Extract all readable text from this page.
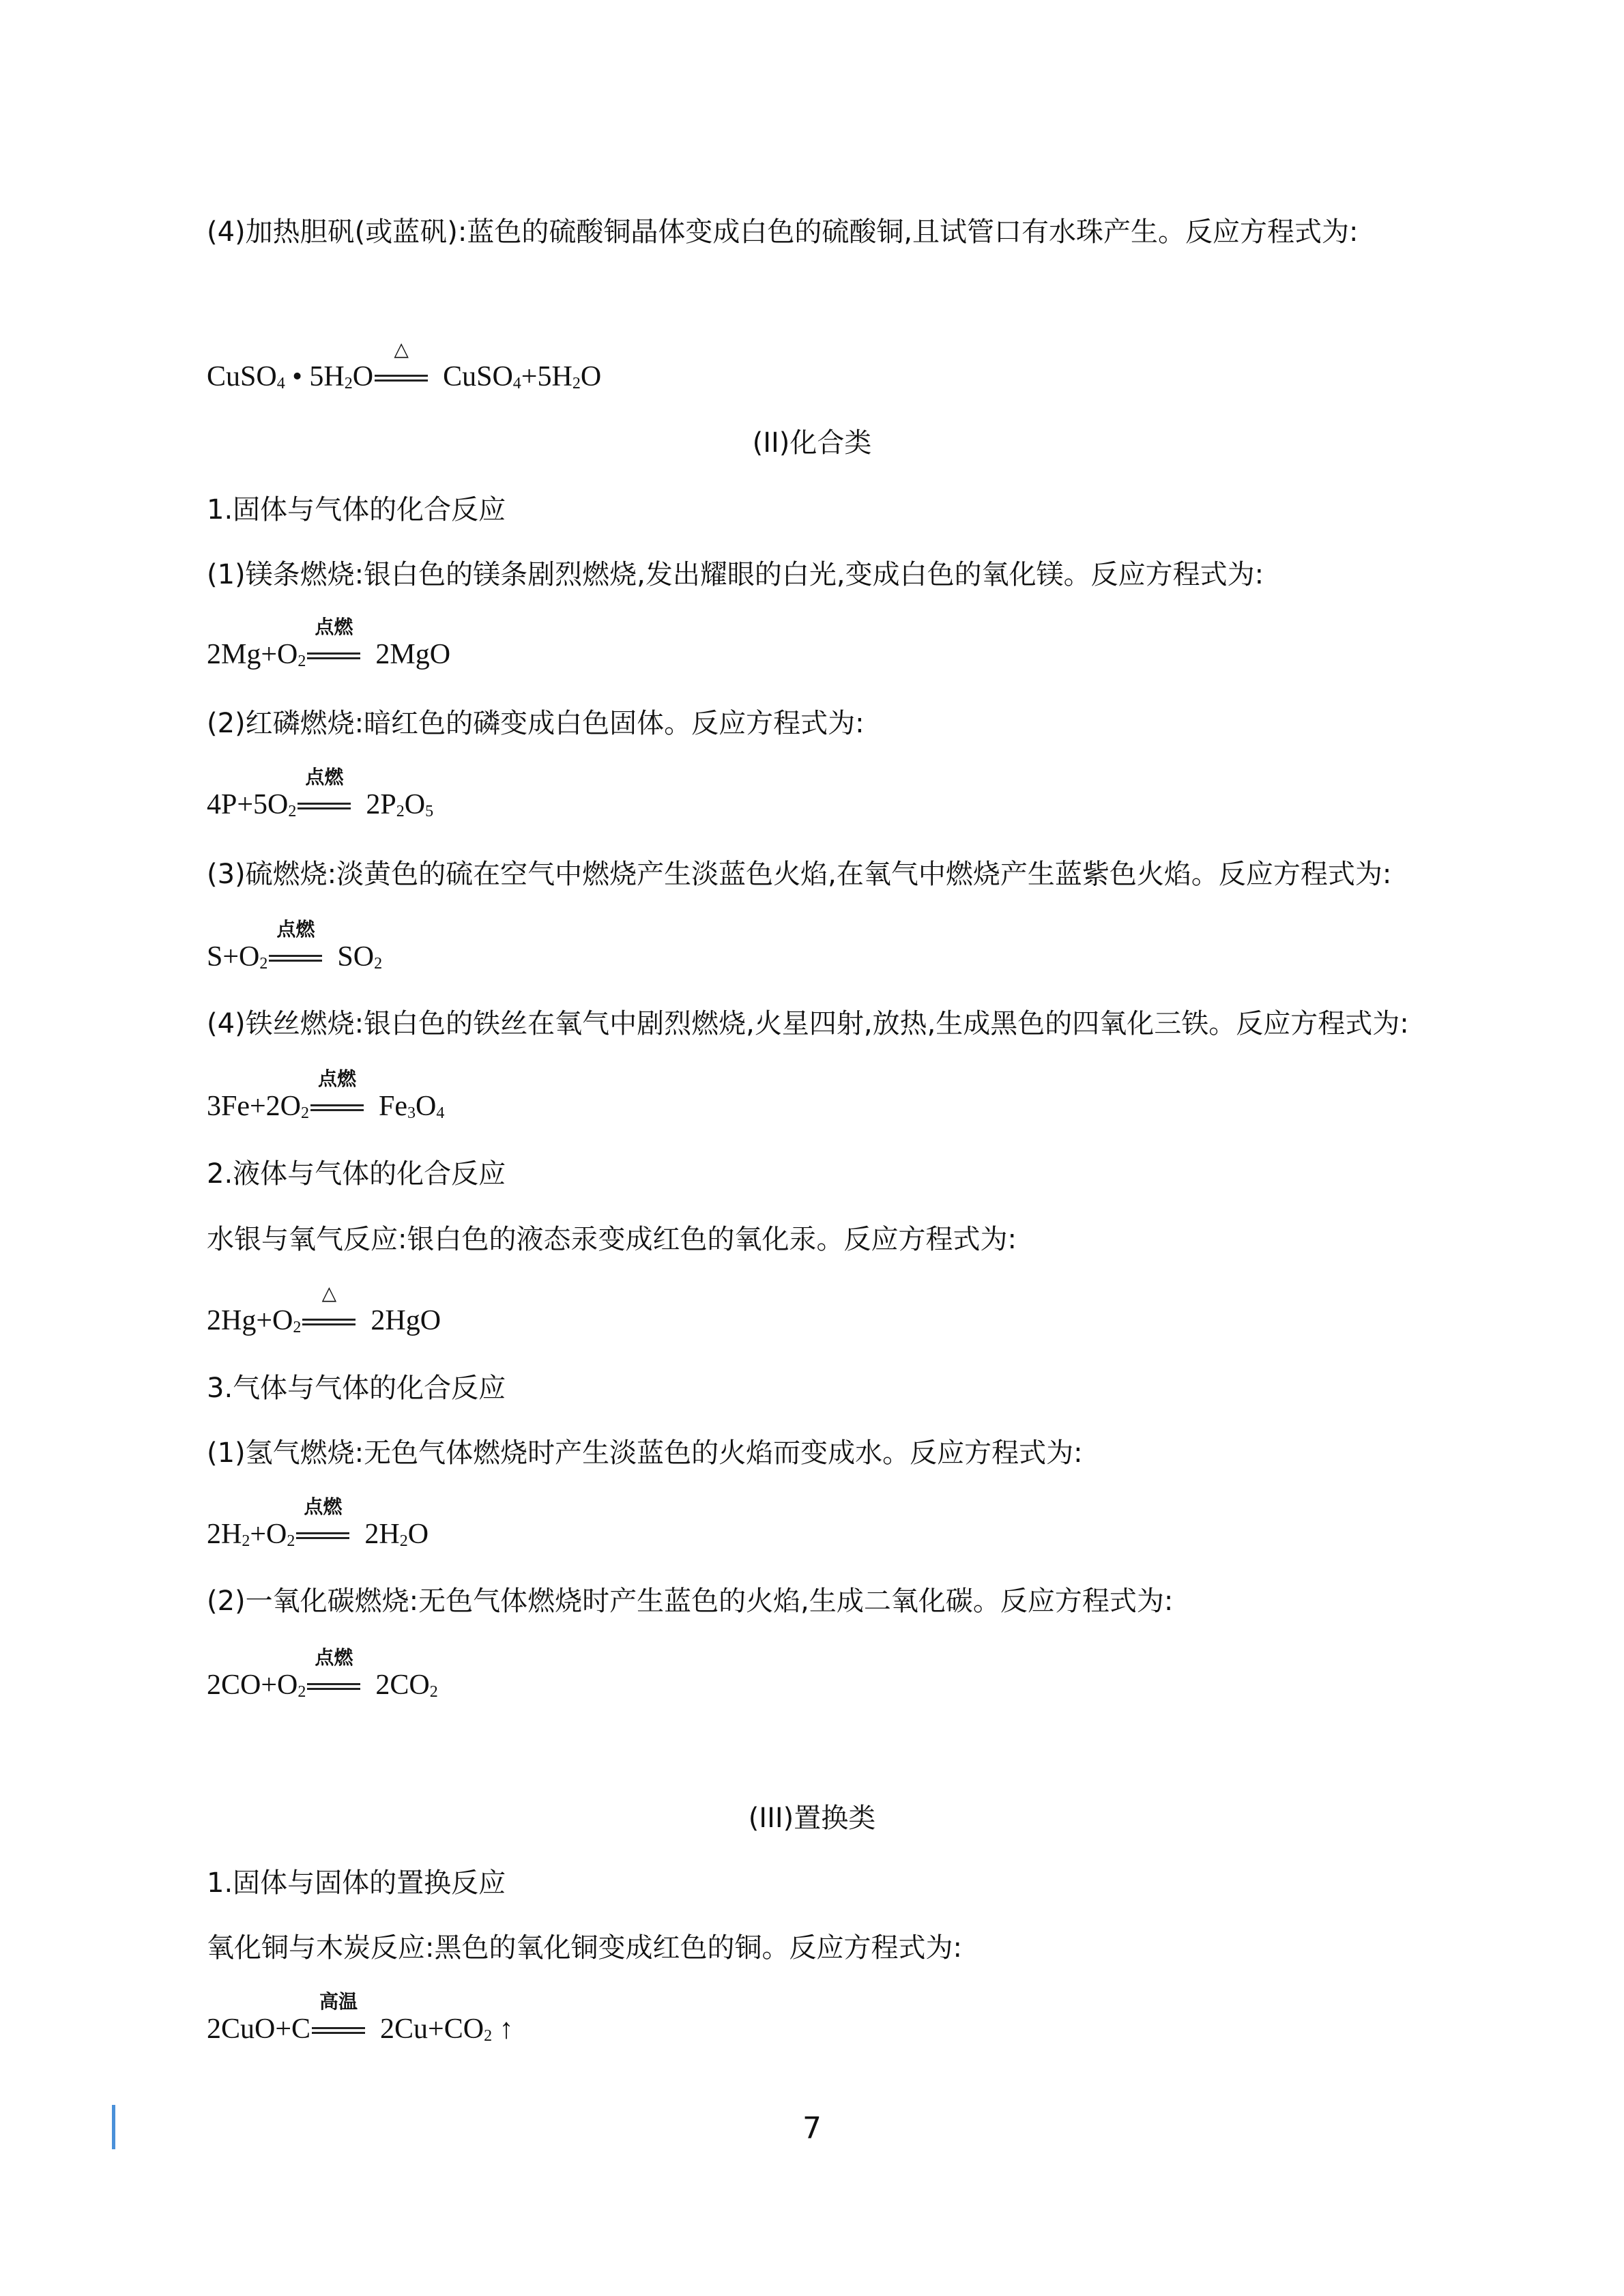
(4)加热胆矾(或蓝矾):蓝色的硫酸铜晶体变成白色的硫酸铜,且试管口有水珠产生。反应方程式为:
CuSO$_4$ • $5H_2O$
△
$CuSO_4+5H_2O$
(II)化合类
1.固体与气体的化合反应
(1)镁条燃烧:银白色的镁条剧烈燃烧,发出耀眼的白光,变成白色的氧化镁。反应方程式为:
$2Mg+O_2$
点燃
2MgO
(2)红磷燃烧:暗红色的磷变成白色固体。反应方程式为:
$4P+5O_2$
点燃
$2P_2O_5$
(3)硫燃烧:淡黄色的硫在空气中燃烧产生淡蓝色火焰,在氧气中燃烧产生蓝紫色火焰。反应方程式为:
$S+O_2$
点燃
$SO_2$
(4)铁丝燃烧:银白色的铁丝在氧气中剧烈燃烧,火星四射,放热,生成黑色的四氧化三铁。反应方程式为:
$3Fe+2O_2$
点燃
$Fe_3O_4$
2.液体与气体的化合反应
水银与氧气反应:银白色的液态汞变成红色的氧化汞。反应方程式为:
$2Hg+O_2$
△
2HgO
3.气体与气体的化合反应
(1)氢气燃烧:无色气体燃烧时产生淡蓝色的火焰而变成水。反应方程式为:
$2H_2+O_2$
点燃
$2H_2O$
(2)一氧化碳燃烧:无色气体燃烧时产生蓝色的火焰,生成二氧化碳。反应方程式为:
$2CO+O_2$
点燃
$2CO_2$
(III)置换类
1.固体与固体的置换反应
氧化铜与木炭反应:黑色的氧化铜变成红色的铜。反应方程式为:
2CuO+C
高温
$2Cu+CO_2$ ↑
7
